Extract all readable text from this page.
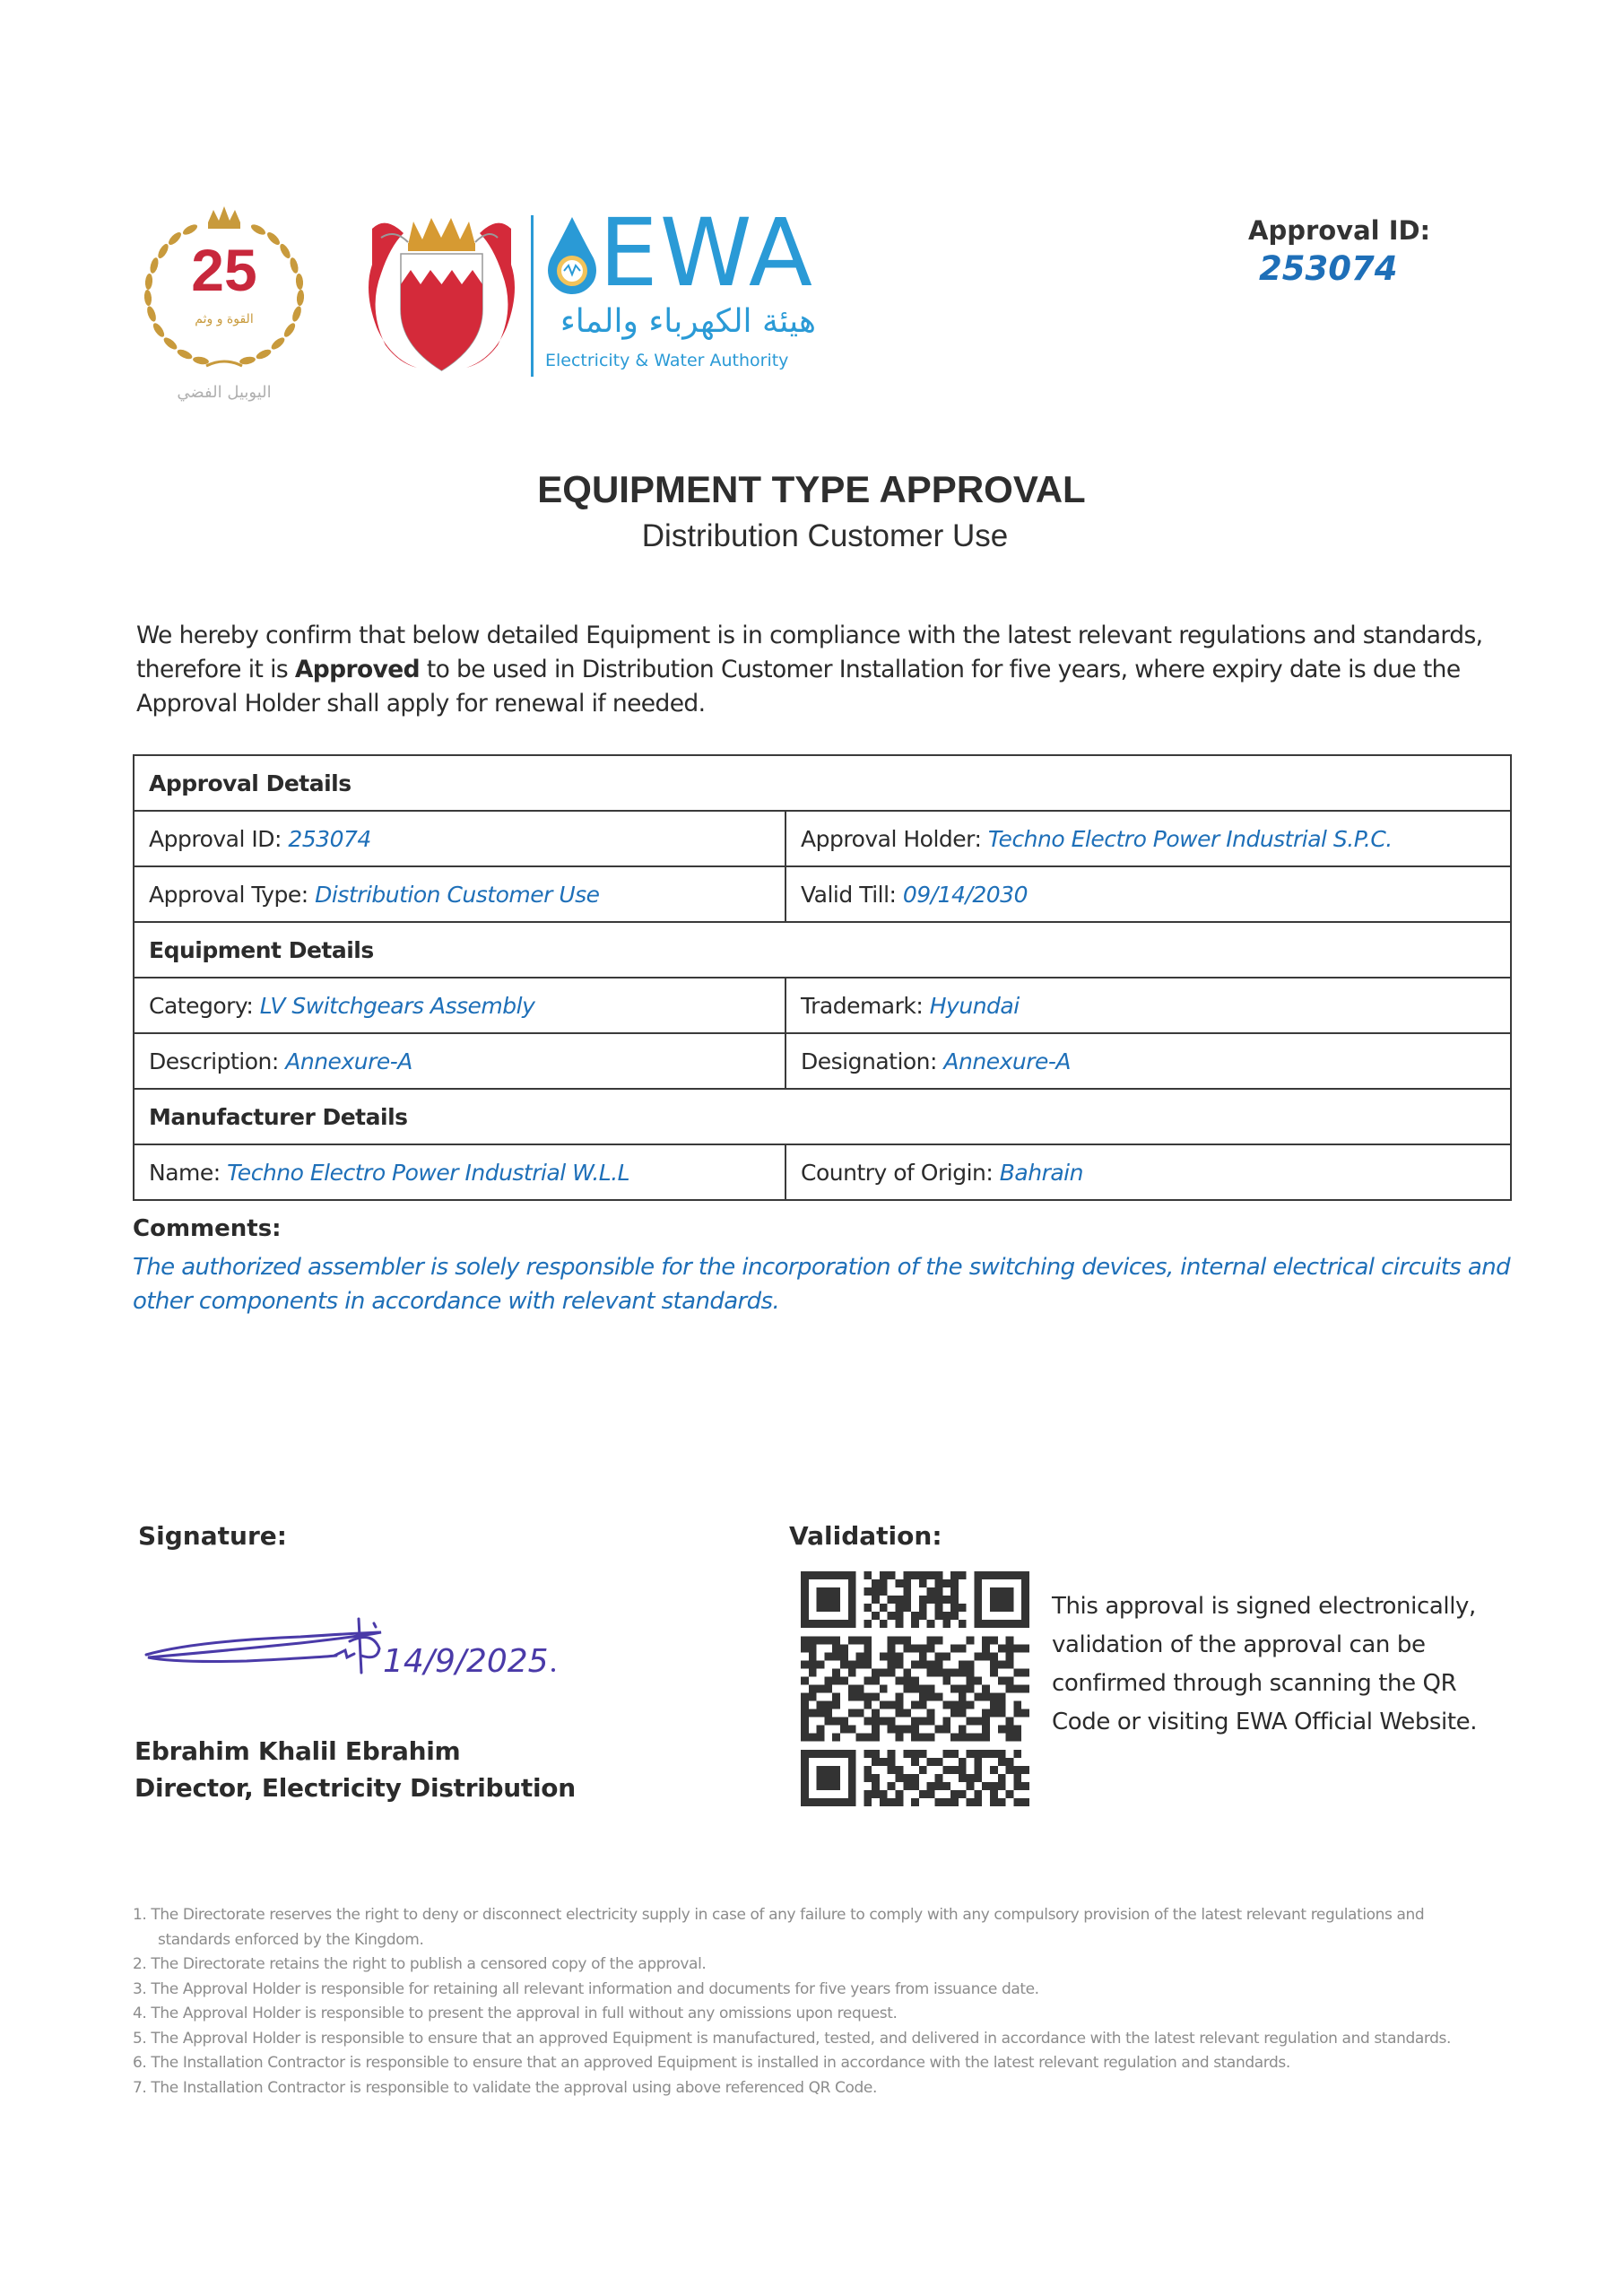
25
القوة و وثم
اليوبيل الفضي
EWA
هيئة الكهرباء والماء
Electricity & Water Authority
Approval ID:
253074
EQUIPMENT TYPE APPROVAL
Distribution Customer Use
We hereby confirm that below detailed Equipment is in compliance with the latest relevant regulations and standards, therefore it is Approved to be used in Distribution Customer Installation for five years, where expiry date is due the Approval Holder shall apply for renewal if needed.
Approval Details	
Approval ID: 253074	Approval Holder: Techno Electro Power Industrial S.P.C.
Approval Type: Distribution Customer Use	Valid Till: 09/14/2030
Equipment Details	
Category: LV Switchgears Assembly	Trademark: Hyundai
Description: Annexure-A	Designation: Annexure-A
Manufacturer Details	
Name: Techno Electro Power Industrial W.L.L	Country of Origin: Bahrain
Comments:
The authorized assembler is solely responsible for the incorporation of the switching devices, internal electrical circuits and other components in accordance with relevant standards.
Signature:
14/9/2025
Ebrahim Khalil Ebrahim
Director, Electricity Distribution
Validation:
This approval is signed electronically, validation of the approval can be confirmed through scanning the QR Code or visiting EWA Official Website.
1. The Directorate reserves the right to deny or disconnect electricity supply in case of any failure to comply with any compulsory provision of the latest relevant regulations and standards enforced by the Kingdom.
2. The Directorate retains the right to publish a censored copy of the approval.
3. The Approval Holder is responsible for retaining all relevant information and documents for five years from issuance date.
4. The Approval Holder is responsible to present the approval in full without any omissions upon request.
5. The Approval Holder is responsible to ensure that an approved Equipment is manufactured, tested, and delivered in accordance with the latest relevant regulation and standards.
6. The Installation Contractor is responsible to ensure that an approved Equipment is installed in accordance with the latest relevant regulation and standards.
7. The Installation Contractor is responsible to validate the approval using above referenced QR Code.
